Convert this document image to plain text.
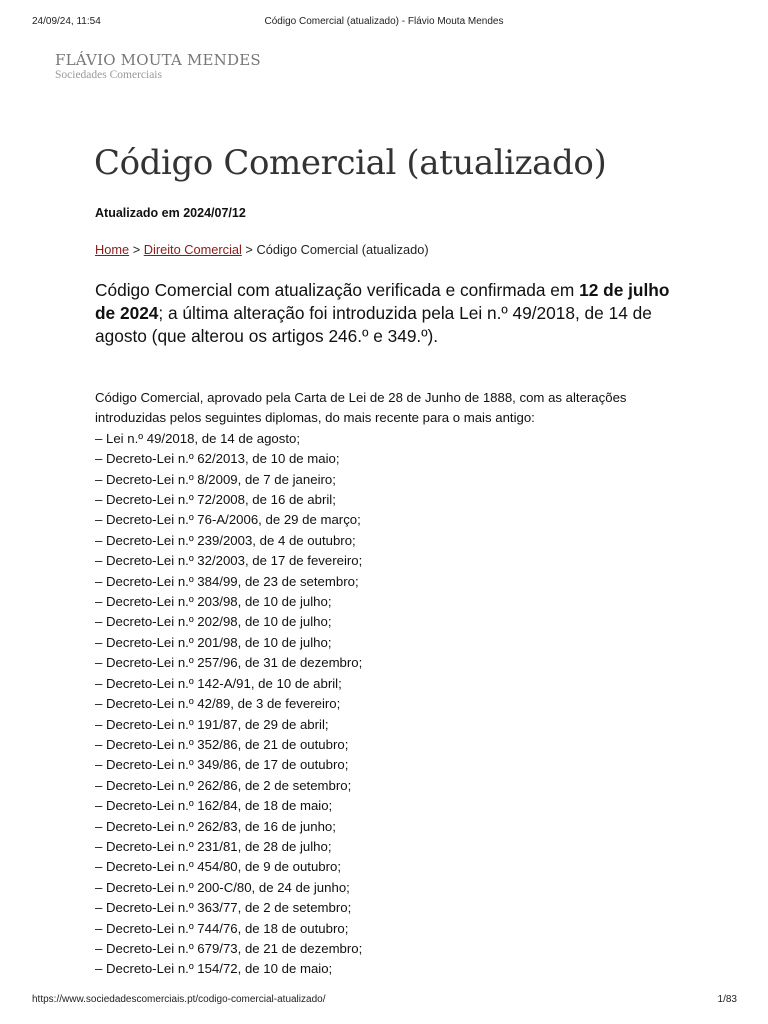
24/09/24, 11:54	Código Comercial (atualizado) - Flávio Mouta Mendes
FLÁVIO MOUTA MENDES
Sociedades Comerciais
Código Comercial (atualizado)
Atualizado em 2024/07/12
Home > Direito Comercial > Código Comercial (atualizado)

Código Comercial com atualização verificada e confirmada em 12 de julho de 2024; a última alteração foi introduzida pela Lei n.º 49/2018, de 14 de agosto (que alterou os artigos 246.º e 349.º).

Código Comercial, aprovado pela Carta de Lei de 28 de Junho de 1888, com as alterações introduzidas pelos seguintes diplomas, do mais recente para o mais antigo:

– Lei n.º 49/2018, de 14 de agosto;
– Decreto-Lei n.º 62/2013, de 10 de maio;
– Decreto-Lei n.º 8/2009, de 7 de janeiro;
– Decreto-Lei n.º 72/2008, de 16 de abril;
– Decreto-Lei n.º 76-A/2006, de 29 de março;
– Decreto-Lei n.º 239/2003, de 4 de outubro;
– Decreto-Lei n.º 32/2003, de 17 de fevereiro;
– Decreto-Lei n.º 384/99, de 23 de setembro;
– Decreto-Lei n.º 203/98, de 10 de julho;
– Decreto-Lei n.º 202/98, de 10 de julho;
– Decreto-Lei n.º 201/98, de 10 de julho;
– Decreto-Lei n.º 257/96, de 31 de dezembro;
– Decreto-Lei n.º 142-A/91, de 10 de abril;
– Decreto-Lei n.º 42/89, de 3 de fevereiro;
– Decreto-Lei n.º 191/87, de 29 de abril;
– Decreto-Lei n.º 352/86, de 21 de outubro;
– Decreto-Lei n.º 349/86, de 17 de outubro;
– Decreto-Lei n.º 262/86, de 2 de setembro;
– Decreto-Lei n.º 162/84, de 18 de maio;
– Decreto-Lei n.º 262/83, de 16 de junho;
– Decreto-Lei n.º 231/81, de 28 de julho;
– Decreto-Lei n.º 454/80, de 9 de outubro;
– Decreto-Lei n.º 200-C/80, de 24 de junho;
– Decreto-Lei n.º 363/77, de 2 de setembro;
– Decreto-Lei n.º 744/76, de 18 de outubro;
– Decreto-Lei n.º 679/73, de 21 de dezembro;
– Decreto-Lei n.º 154/72, de 10 de maio;
https://www.sociedadescomerciais.pt/codigo-comercial-atualizado/	1/83
